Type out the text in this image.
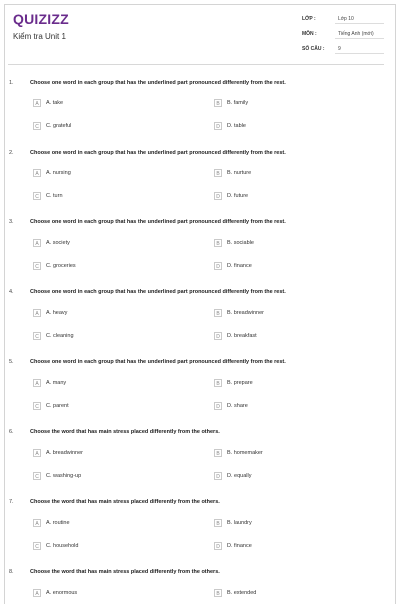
QUIZIZZ
Kiểm tra Unit 1
LỚP :	Lớp 10
MÔN :	Tiếng Anh (mới)
SỐ CÂU :	9
1.	Choose one word in each group that has the underlined part pronounced differently from the rest.
A	A. take	B	B. family
C	C. grateful	D	D. table
2.	Choose one word in each group that has the underlined part pronounced differently from the rest.
A	A. nursing	B	B. nurture
C	C. turn	D	D. future
3.	Choose one word in each group that has the underlined part pronounced differently from the rest.
A	A. society	B	B. sociable
C	C. groceries	D	D. finance
4.	Choose one word in each group that has the underlined part pronounced differently from the rest.
A	A. heavy	B	B. breadwinner
C	C. cleaning	D	D. breakfast
5.	Choose one word in each group that has the underlined part pronounced differently from the rest.
A	A. many	B	B. prepare
C	C. parent	D	D. share
6.	Choose the word that has main stress placed differently from the others.
A	A. breadwinner	B	B. homemaker
C	C. washing-up	D	D. equally
7.	Choose the word that has main stress placed differently from the others.
A	A. routine	B	B. laundry
C	C. household	D	D. finance
8.	Choose the word that has main stress placed differently from the others.
A	A. enormous	B	B. extended
